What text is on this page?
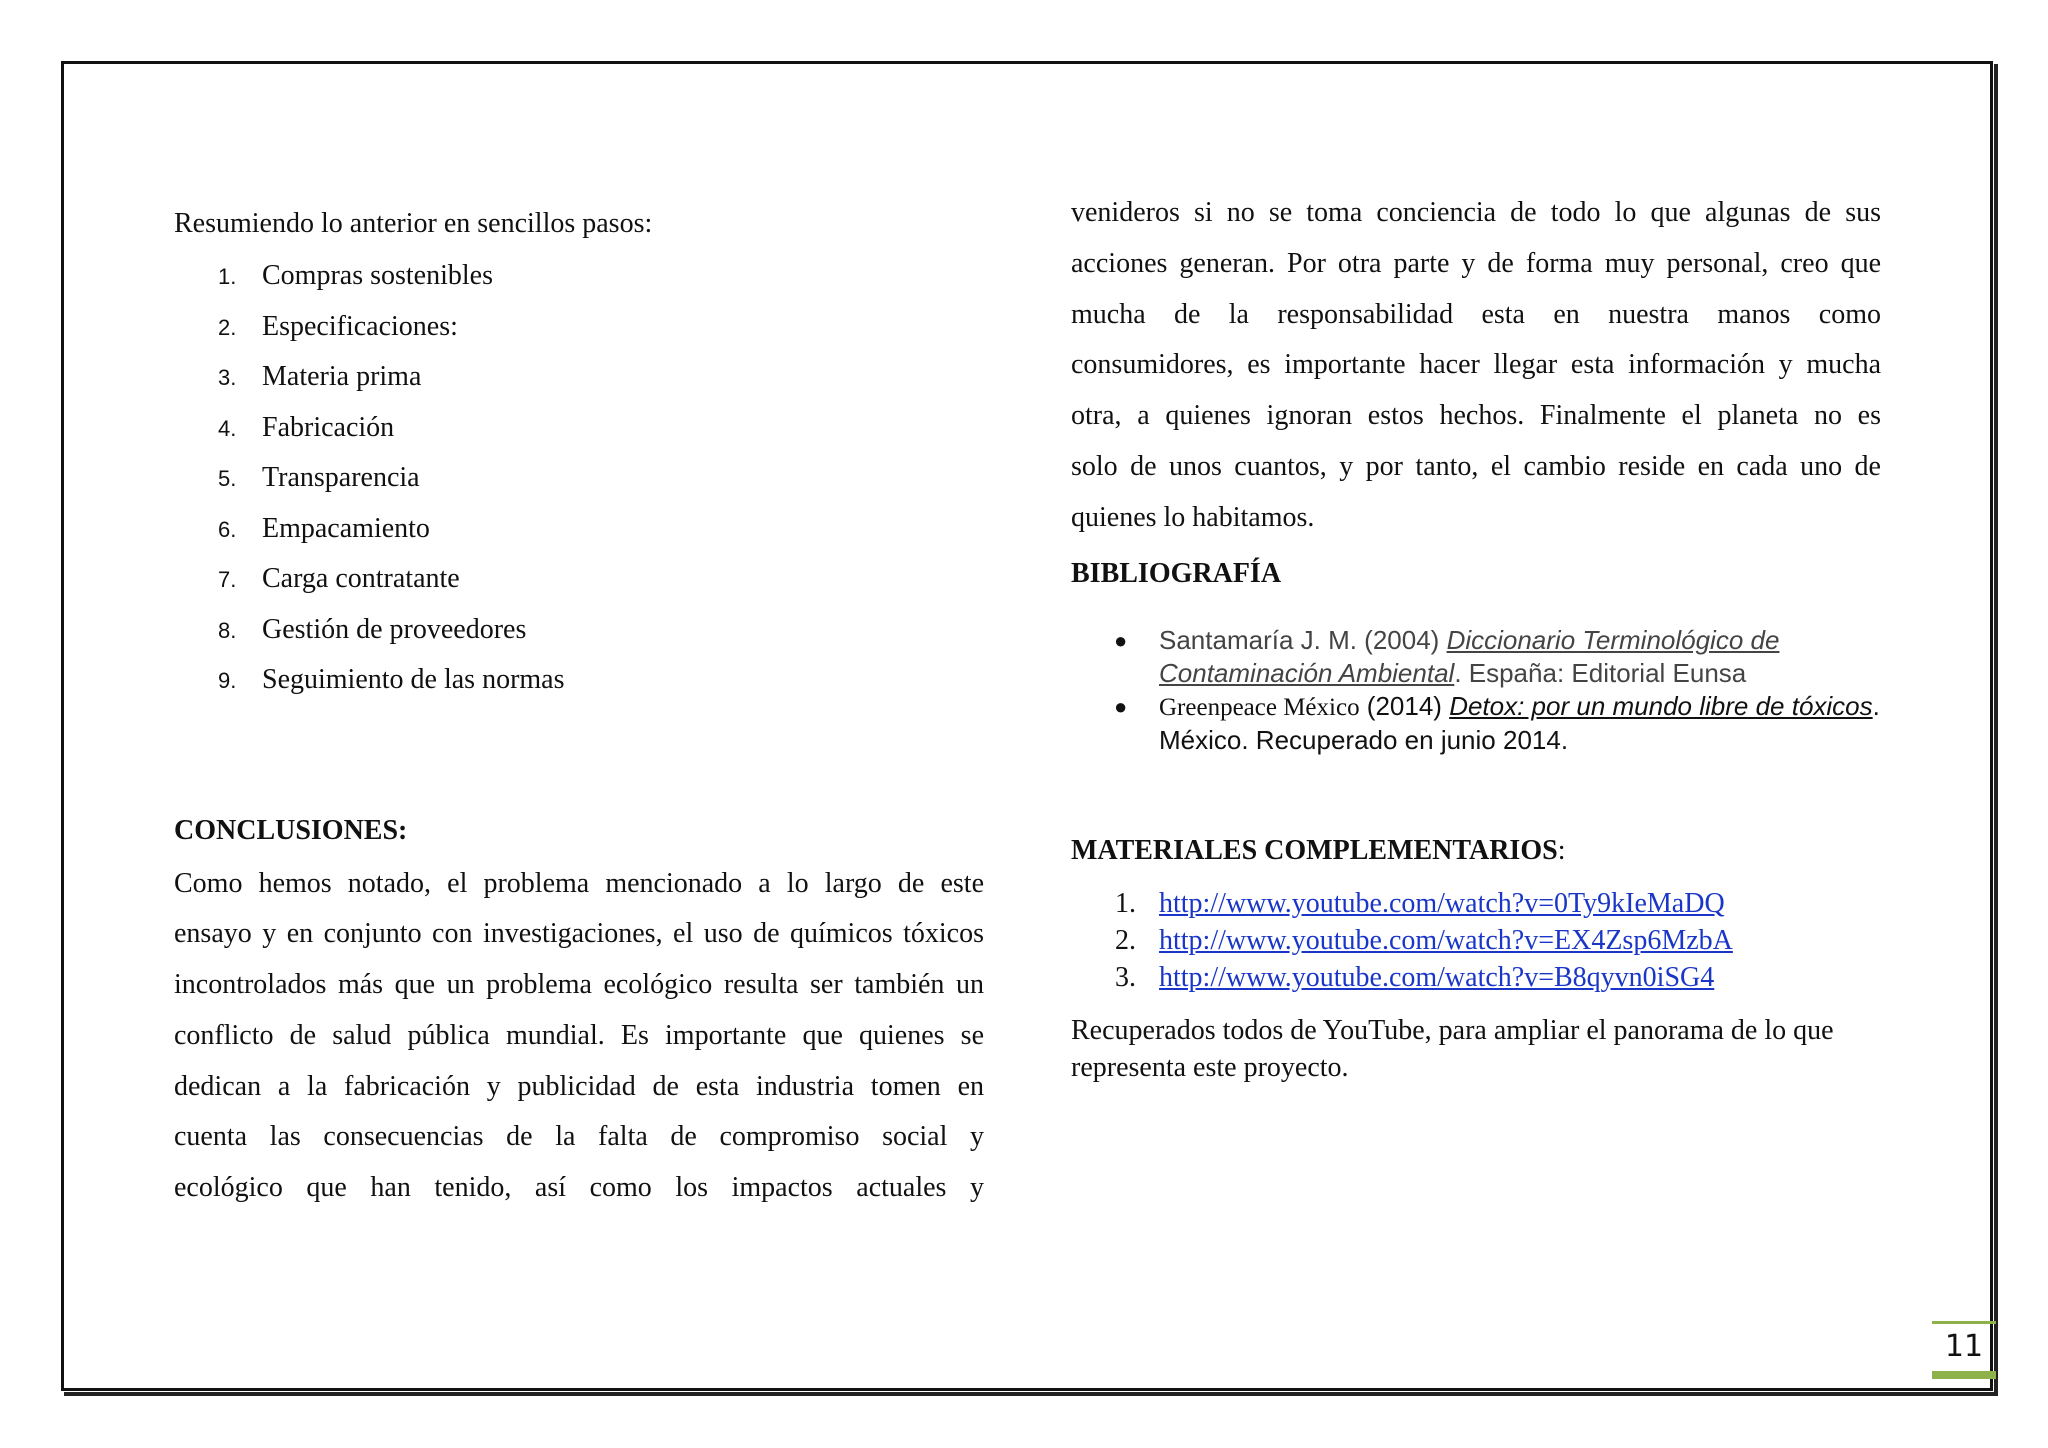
Resumiendo lo anterior en sencillos pasos:

1. Compras sostenibles
2. Especificaciones:
3. Materia prima
4. Fabricación
5. Transparencia
6. Empacamiento
7. Carga contratante
8. Gestión de proveedores
9. Seguimiento de las normas

CONCLUSIONES:

Como hemos notado, el problema mencionado a lo largo de este
ensayo y en conjunto con investigaciones, el uso de químicos tóxicos
incontrolados más que un problema ecológico resulta ser también un
conflicto de salud pública mundial. Es importante que quienes se
dedican a la fabricación y publicidad de esta industria tomen en
cuenta las consecuencias de la falta de compromiso social y
ecológico que han tenido, así como los impactos actuales y
venideros si no se toma conciencia de todo lo que algunas de sus
acciones generan. Por otra parte y de forma muy personal, creo que
mucha de la responsabilidad esta en nuestra manos como
consumidores, es importante hacer llegar esta información y mucha
otra, a quienes ignoran estos hechos. Finalmente el planeta no es
solo de unos cuantos, y por tanto, el cambio reside en cada uno de
quienes lo habitamos.

BIBLIOGRAFÍA

● Santamaría J. M. (2004) Diccionario Terminológico de Contaminación Ambiental. España: Editorial Eunsa
● Greenpeace México (2014) Detox: por un mundo libre de tóxicos. México. Recuperado en junio 2014.

MATERIALES COMPLEMENTARIOS:

1. http://www.youtube.com/watch?v=0Ty9kIeMaDQ
2. http://www.youtube.com/watch?v=EX4Zsp6MzbA
3. http://www.youtube.com/watch?v=B8qyvn0iSG4
Recuperados todos de YouTube, para ampliar el panorama de lo que
representa este proyecto.
11
